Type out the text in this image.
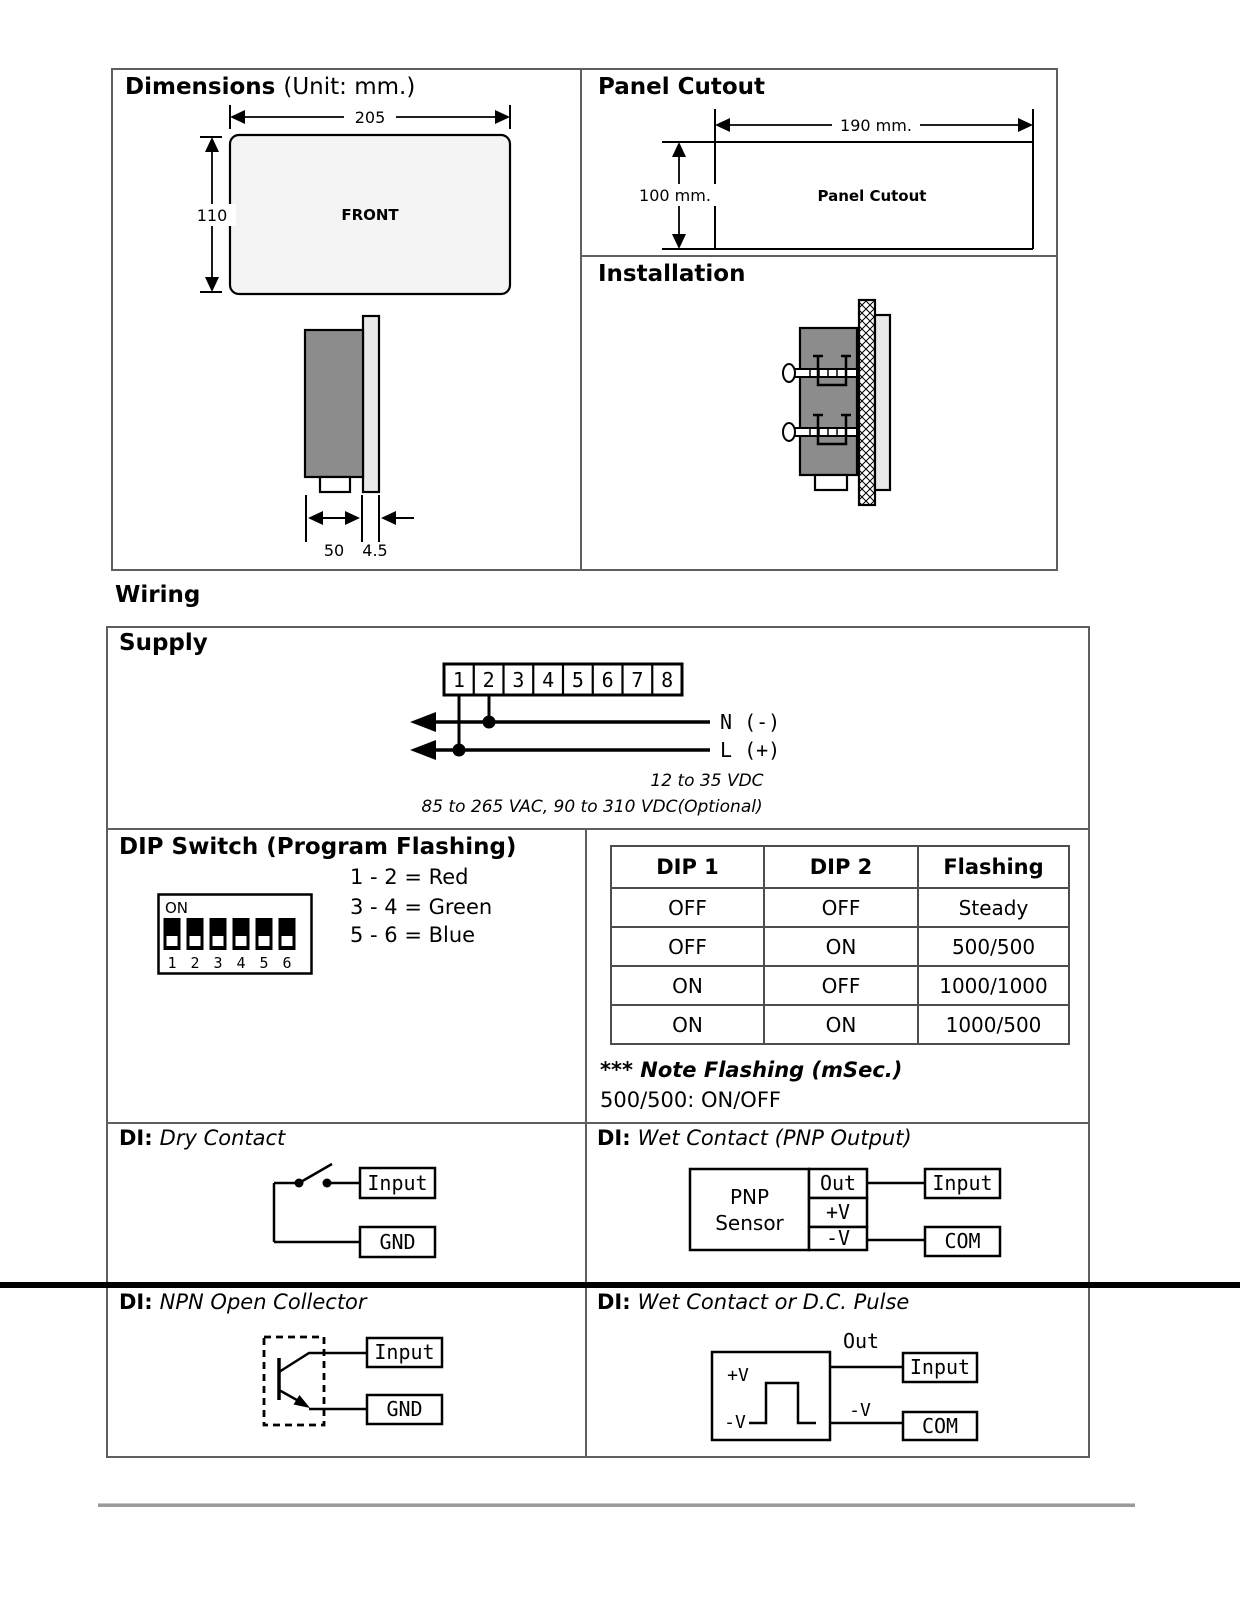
Dimensions (Unit: mm.)
205
FRONT
110
50 4.5
Panel Cutout
190 mm.
100 mm.	Panel Cutout
Installation
Wiring
Supply
1 2 3 4 5 6 7 8
N (-)
L (+)
12 to 35 VDC
85 to 265 VAC, 90 to 310 VDC(Optional)
DIP Switch (Program Flashing)
ON
1 2 3 4 5 6
1 - 2 = Red
3 - 4 = Green
5 - 6 = Blue
DIP 1	DIP 2	Flashing
OFF	OFF	Steady
OFF	ON	500/500
ON	OFF	1000/1000
ON	ON	1000/500
*** Note Flashing (mSec.)
500/500: ON/OFF
DI: Dry Contact	DI: Wet Contact (PNP Output)
Input
GND
PNP
Sensor
Out
+V
-V
Input
COM
DI: NPN Open Collector	DI: Wet Contact or D.C. Pulse
Input
GND
+V
-V
Out
Input
-V
COM
